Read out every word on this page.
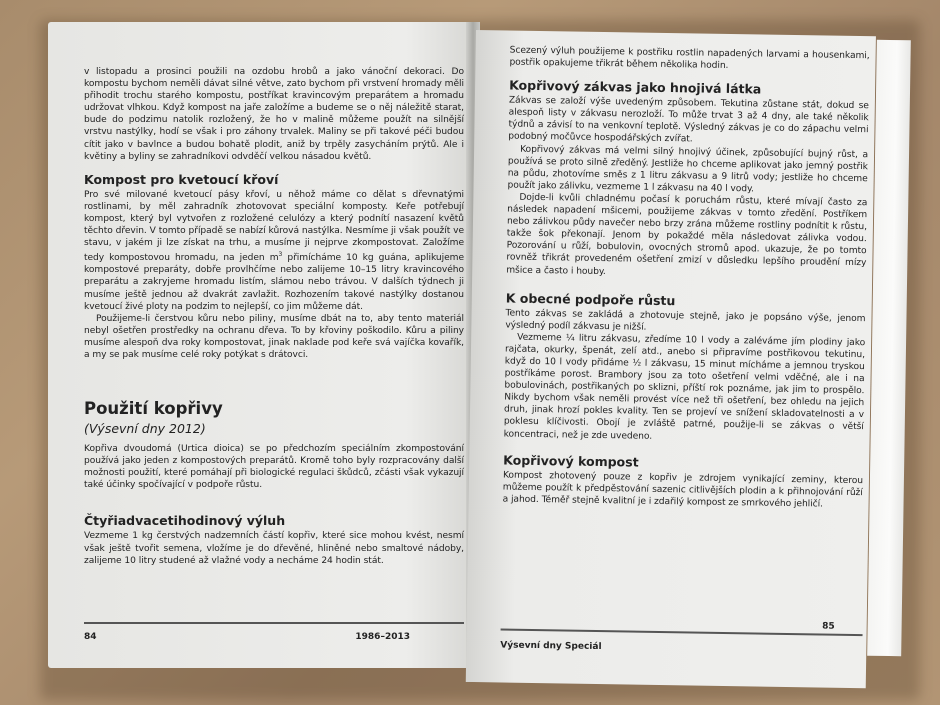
v listopadu a prosinci použili na ozdobu hrobů a jako vánoční dekoraci. Do kompostu bychom neměli dávat silné větve, zato bychom při vrstvení hromady měli přihodit trochu starého kompostu, postříkat kravincovým preparátem a hromadu udržovat vlhkou. Když kompost na jaře založíme a budeme se o něj náležitě starat, bude do podzimu natolik rozložený, že ho v malině můžeme použít na silnější vrstvu nastýlky, hodí se však i pro záhony trvalek. Maliny se při takové péči budou cítit jako v bavlnce a budou bohatě plodit, aniž by trpěly zasycháním prýtů. Ale i květiny a byliny se zahradníkovi odvděčí velkou násadou květů.

Kompost pro kvetoucí křoví

Pro své milované kvetoucí pásy křoví, u něhož máme co dělat s dřevnatými rostlinami, by měl zahradník zhotovovat speciální komposty. Keře potřebují kompost, který byl vytvořen z rozložené celulózy a který podnítí nasazení květů těchto dřevin. V tomto případě se nabízí kůrová nastýlka. Nesmíme ji však použít ve stavu, v jakém ji lze získat na trhu, a musíme ji nejprve zkompostovat. Založíme tedy kompostovou hromadu, na jeden $m^3$ přimícháme 10 kg guána, aplikujeme kompostové preparáty, dobře provlhčíme nebo zalijeme 10–15 litry kravincového preparátu a zakryjeme hromadu listím, slámou nebo trávou. V dalších týdnech ji musíme ještě jednou až dvakrát zavlažit. Rozhozením takové nastýlky dostanou kvetoucí živé ploty na podzim to nejlepší, co jim můžeme dát.

Použijeme-li čerstvou kůru nebo piliny, musíme dbát na to, aby tento materiál nebyl ošetřen prostředky na ochranu dřeva. To by křoviny poškodilo. Kůru a piliny musíme alespoň dva roky kompostovat, jinak naklade pod keře svá vajíčka kovařík, a my se pak musíme celé roky potýkat s drátovci.

Použití kopřivy
(Výsevní dny 2012)

Kopřiva dvoudomá (Urtica dioica) se po předchozím speciálním zkompostování používá jako jeden z kompostových preparátů. Kromě toho byly rozpracovány další možnosti použití, které pomáhají při biologické regulaci škůdců, zčásti však vykazují také účinky spočívající v podpoře růstu.

Čtyřiadvacetihodinový výluh

Vezmeme 1 kg čerstvých nadzemních částí kopřiv, které sice mohou kvést, nesmí však ještě tvořit semena, vložíme je do dřevěné, hliněné nebo smaltové nádoby, zalijeme 10 litry studené až vlažné vody a necháme 24 hodin stát.

84	1986–2013

Scezený výluh použijeme k postřiku rostlin napadených larvami a housenkami, postřik opakujeme třikrát během několika hodin.

Kopřivový zákvas jako hnojivá látka

Zákvas se založí výše uvedeným způsobem. Tekutina zůstane stát, dokud se alespoň listy v zákvasu nerozloží. To může trvat 3 až 4 dny, ale také několik týdnů a závisí to na venkovní teplotě. Výsledný zákvas je co do zápachu velmi podobný močůvce hospodářských zvířat.

Kopřivový zákvas má velmi silný hnojivý účinek, způsobující bujný růst, a používá se proto silně zředěný. Jestliže ho chceme aplikovat jako jemný postřik na půdu, zhotovíme směs z 1 litru zákvasu a 9 litrů vody; jestliže ho chceme použít jako zálivku, vezmeme 1 l zákvasu na 40 l vody.

Dojde-li kvůli chladnému počasí k poruchám růstu, které mívají často za následek napadení mšicemi, použijeme zákvas v tomto zředění. Postříkem nebo zálivkou půdy navečer nebo brzy zrána můžeme rostliny podnítit k růstu, takže šok překonají. Jenom by pokaždé měla následovat zálivka vodou. Pozorování u růží, bobulovin, ovocných stromů apod. ukazuje, že po tomto rovněž třikrát provedeném ošetření zmizí v důsledku lepšího proudění mízy mšice a často i houby.

K obecné podpoře růstu

Tento zákvas se zakládá a zhotovuje stejně, jako je popsáno výše, jenom výsledný podíl zákvasu je nižší.

Vezmeme ¼ litru zákvasu, zředíme 10 l vody a zaléváme jím plodiny jako rajčata, okurky, špenát, zelí atd., anebo si připravíme postřikovou tekutinu, když do 10 l vody přidáme ½ l zákvasu, 15 minut mícháme a jemnou tryskou postříkáme porost. Brambory jsou za toto ošetření velmi vděčné, ale i na bobulovinách, postřikaných po sklizni, příští rok poznáme, jak jim to prospělo. Nikdy bychom však neměli provést více než tři ošetření, bez ohledu na jejich druh, jinak hrozí pokles kvality. Ten se projeví ve snížení skladovatelnosti a v poklesu klíčivosti. Obojí je zvláště patrné, použije-li se zákvas o větší koncentraci, než je zde uvedeno.

Kopřivový kompost

Kompost zhotovený pouze z kopřiv je zdrojem vynikající zeminy, kterou můžeme použít k předpěstování sazenic citlivějších plodin a k přihnojování růží a jahod. Téměř stejně kvalitní je i zdařilý kompost ze smrkového jehličí.

85
Výsevní dny Speciál
